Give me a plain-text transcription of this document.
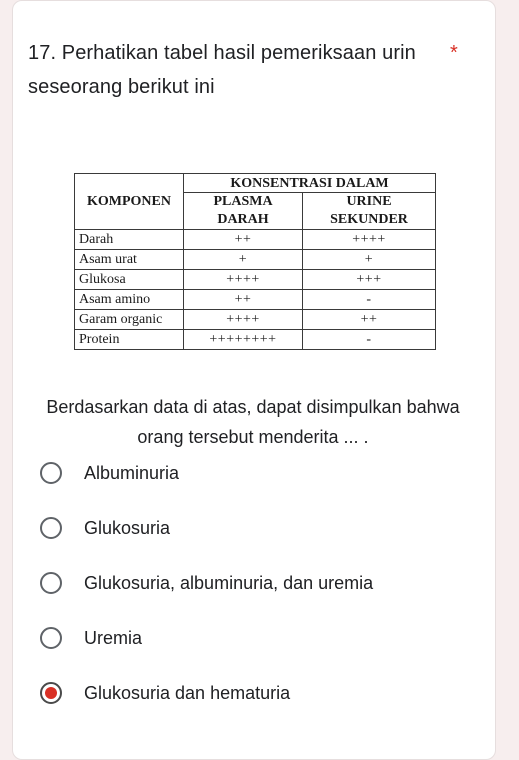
17. Perhatikan tabel hasil pemeriksaan urin seseorang berikut ini
*
KOMPONEN	KONSENTRASI DALAM	
	PLASMA DARAH	URINE SEKUNDER
Darah	++	++++
Asam urat	+	+
Glukosa	++++	+++
Asam amino	++	-
Garam organic	++++	++
Protein	++++++++	-
Berdasarkan data di atas, dapat disimpulkan bahwa orang tersebut menderita ... .
Albuminuria
Glukosuria
Glukosuria, albuminuria, dan uremia
Uremia
Glukosuria dan hematuria
